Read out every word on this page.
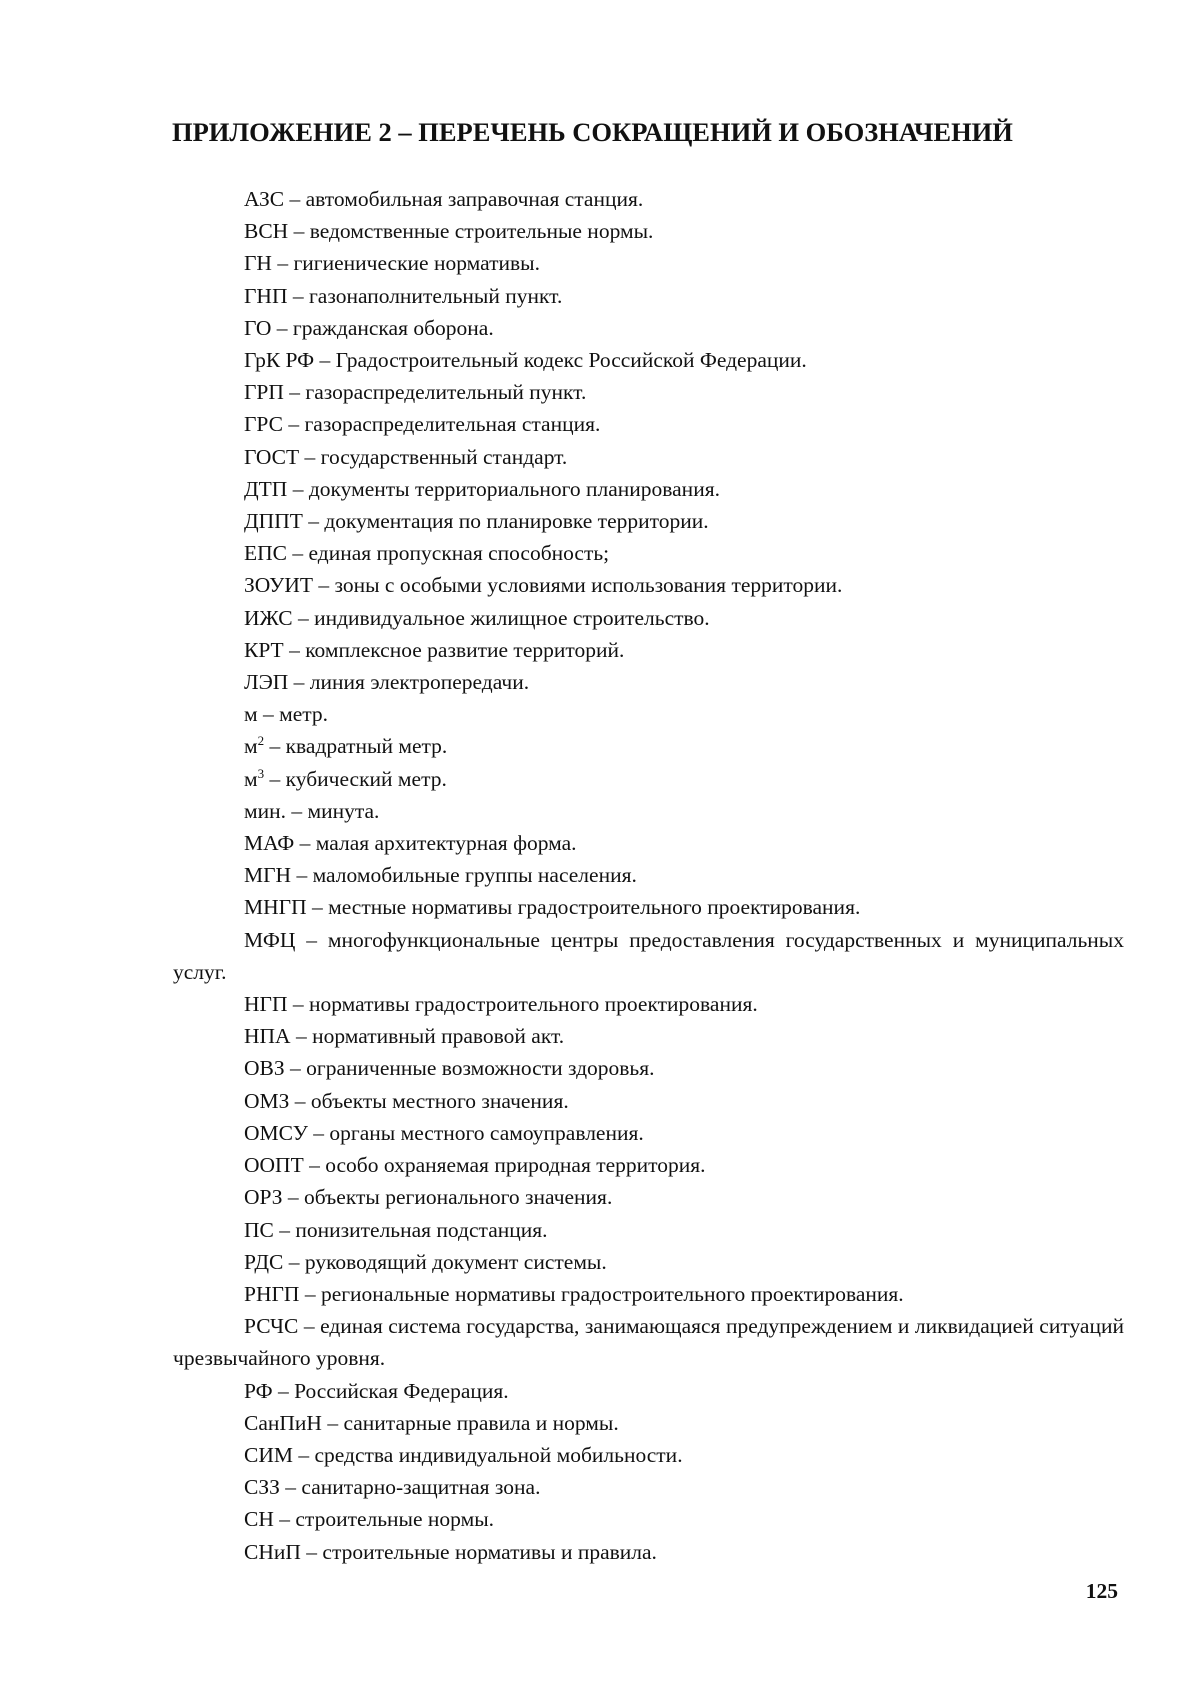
ПРИЛОЖЕНИЕ 2 – ПЕРЕЧЕНЬ СОКРАЩЕНИЙ И ОБОЗНАЧЕНИЙ

АЗС – автомобильная заправочная станция.

ВСН – ведомственные строительные нормы.

ГН – гигиенические нормативы.

ГНП – газонаполнительный пункт.

ГО – гражданская оборона.

ГрК РФ – Градостроительный кодекс Российской Федерации.

ГРП – газораспределительный пункт.

ГРС – газораспределительная станция.

ГОСТ – государственный стандарт.

ДТП – документы территориального планирования.

ДППТ – документация по планировке территории.

ЕПС – единая пропускная способность;

ЗОУИТ – зоны с особыми условиями использования территории.

ИЖС – индивидуальное жилищное строительство.

КРТ – комплексное развитие территорий.

ЛЭП – линия электропередачи.

м – метр.

$м^2$ – квадратный метр.

$м^3$ – кубический метр.

мин. – минута.

МАФ – малая архитектурная форма.

МГН – маломобильные группы населения.

МНГП – местные нормативы градостроительного проектирования.

МФЦ – многофункциональные центры предоставления государственных и муниципальных услуг.

НГП – нормативы градостроительного проектирования.

НПА – нормативный правовой акт.

ОВЗ – ограниченные возможности здоровья.

ОМЗ – объекты местного значения.

ОМСУ – органы местного самоуправления.

ООПТ – особо охраняемая природная территория.

ОРЗ – объекты регионального значения.

ПС – понизительная подстанция.

РДС – руководящий документ системы.

РНГП – региональные нормативы градостроительного проектирования.

РСЧС – единая система государства, занимающаяся предупреждением и ликвидацией ситуаций чрезвычайного уровня.

РФ – Российская Федерация.

СанПиН – санитарные правила и нормы.

СИМ – средства индивидуальной мобильности.

СЗЗ – санитарно-защитная зона.

СН – строительные нормы.

СНиП – строительные нормативы и правила.

125
